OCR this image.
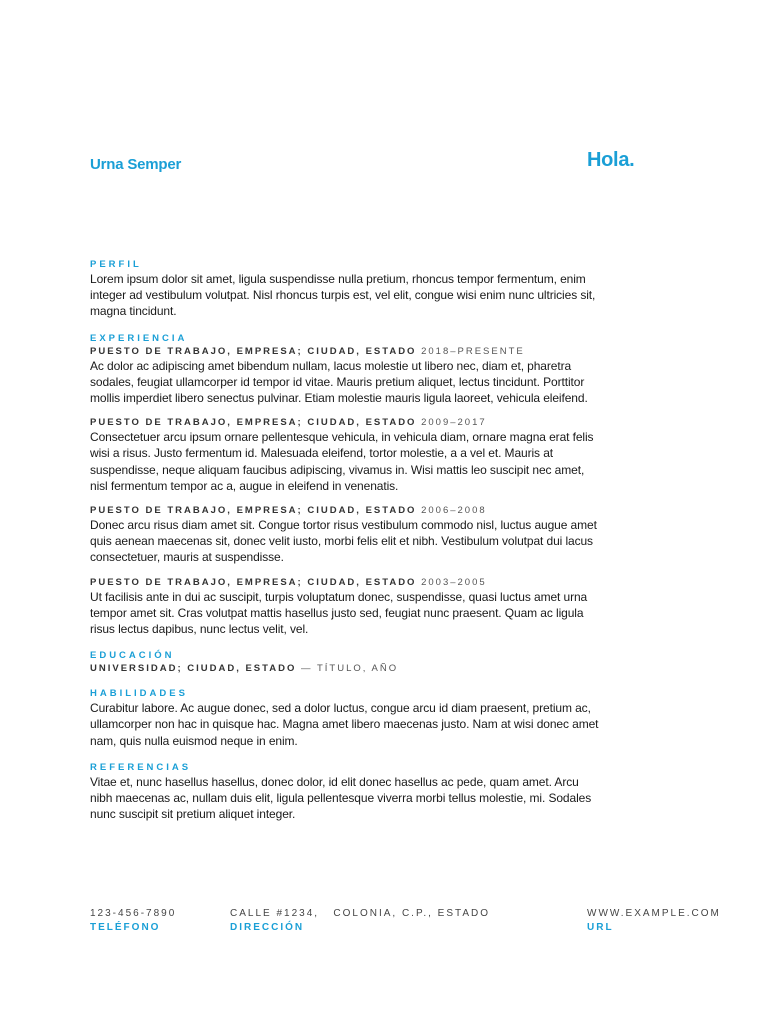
Urna Semper	Hola.

PERFIL

Lorem ipsum dolor sit amet, ligula suspendisse nulla pretium, rhoncus tempor fermentum, enim integer ad vestibulum volutpat. Nisl rhoncus turpis est, vel elit, congue wisi enim nunc ultricies sit, magna tincidunt.

EXPERIENCIA

PUESTO DE TRABAJO, EMPRESA; CIUDAD, ESTADO 2018–PRESENTE

Ac dolor ac adipiscing amet bibendum nullam, lacus molestie ut libero nec, diam et, pharetra sodales, feugiat ullamcorper id tempor id vitae. Mauris pretium aliquet, lectus tincidunt. Porttitor mollis imperdiet libero senectus pulvinar. Etiam molestie mauris ligula laoreet, vehicula eleifend.

PUESTO DE TRABAJO, EMPRESA; CIUDAD, ESTADO 2009–2017

Consectetuer arcu ipsum ornare pellentesque vehicula, in vehicula diam, ornare magna erat felis wisi a risus. Justo fermentum id. Malesuada eleifend, tortor molestie, a a vel et. Mauris at suspendisse, neque aliquam faucibus adipiscing, vivamus in. Wisi mattis leo suscipit nec amet, nisl fermentum tempor ac a, augue in eleifend in venenatis.

PUESTO DE TRABAJO, EMPRESA; CIUDAD, ESTADO 2006–2008

Donec arcu risus diam amet sit. Congue tortor risus vestibulum commodo nisl, luctus augue amet quis aenean maecenas sit, donec velit iusto, morbi felis elit et nibh. Vestibulum volutpat dui lacus consectetuer, mauris at suspendisse.

PUESTO DE TRABAJO, EMPRESA; CIUDAD, ESTADO 2003–2005

Ut facilisis ante in dui ac suscipit, turpis voluptatum donec, suspendisse, quasi luctus amet urna tempor amet sit. Cras volutpat mattis hasellus justo sed, feugiat nunc praesent. Quam ac ligula risus lectus dapibus, nunc lectus velit, vel.

EDUCACIÓN

UNIVERSIDAD; CIUDAD, ESTADO — TÍTULO, AÑO

HABILIDADES

Curabitur labore. Ac augue donec, sed a dolor luctus, congue arcu id diam praesent, pretium ac, ullamcorper non hac in quisque hac. Magna amet libero maecenas justo. Nam at wisi donec amet nam, quis nulla euismod neque in enim.

REFERENCIAS

Vitae et, nunc hasellus hasellus, donec dolor, id elit donec hasellus ac pede, quam amet. Arcu nibh maecenas ac, nullam duis elit, ligula pellentesque viverra morbi tellus molestie, mi. Sodales nunc suscipit sit pretium aliquet integer.

123-456-7890
TELÉFONO
CALLE #1234,   COLONIA, C.P., ESTADO
DIRECCIÓN
WWW.EXAMPLE.COM
URL
